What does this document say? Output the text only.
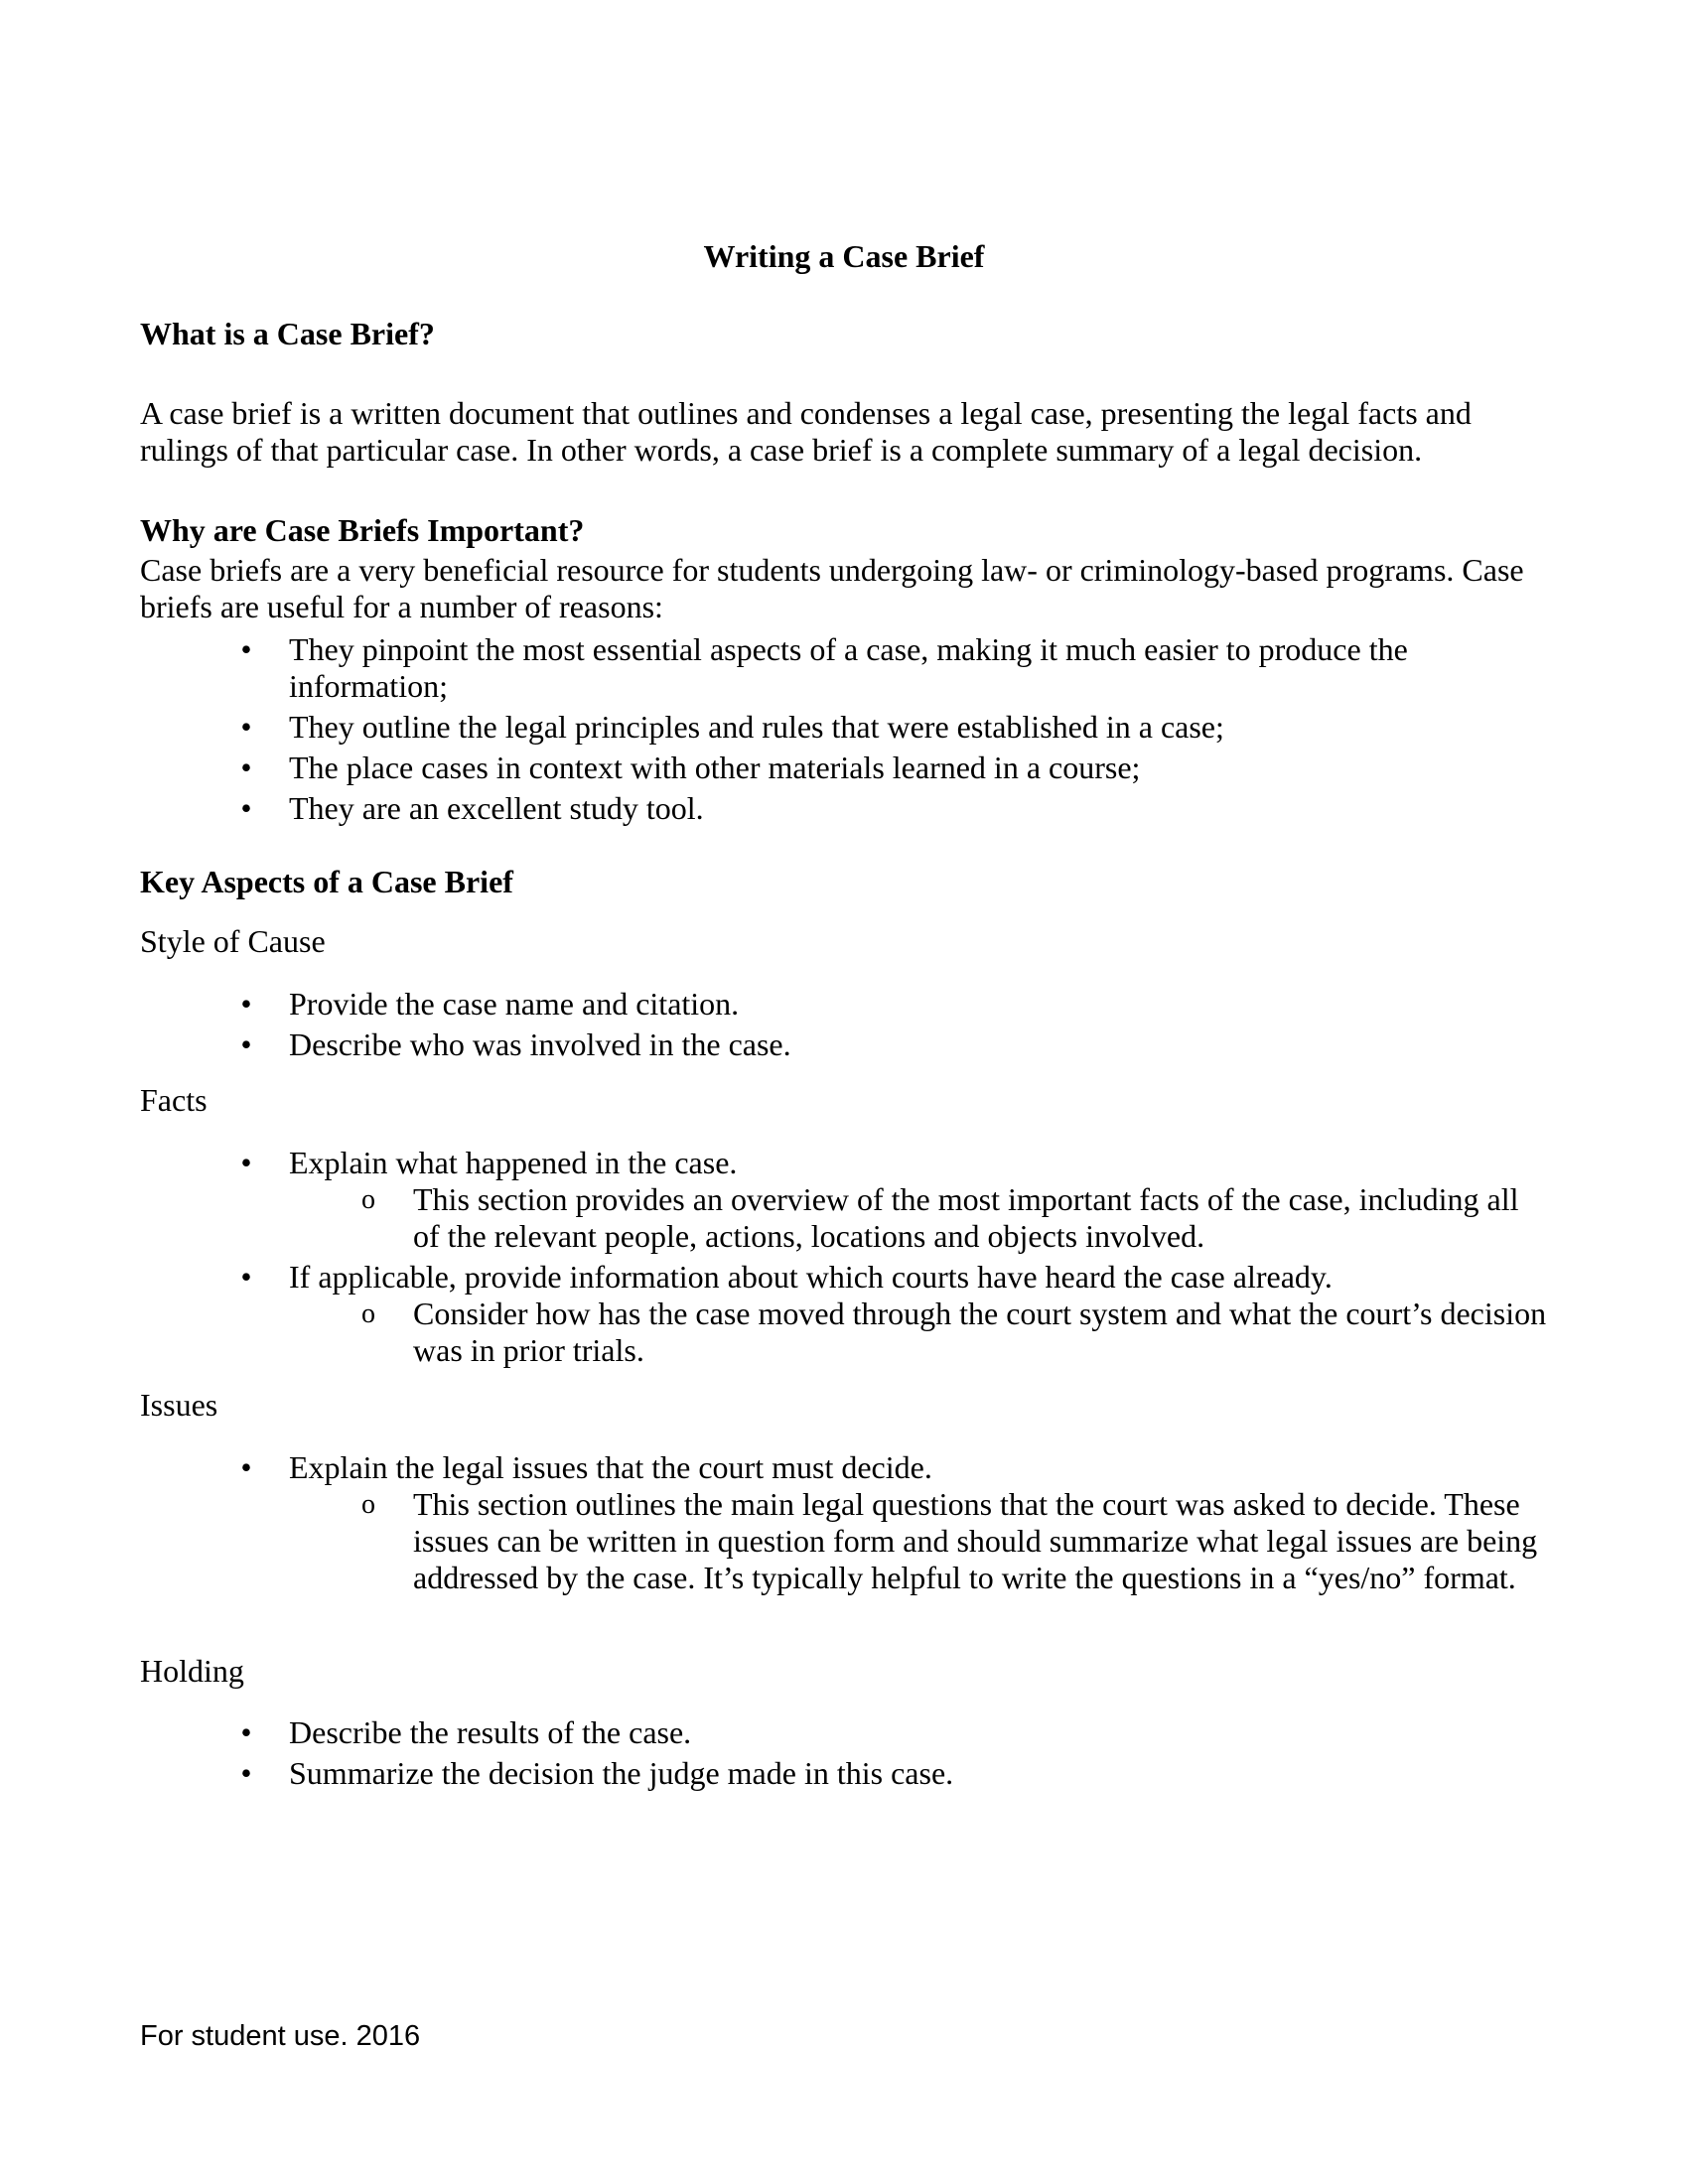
Writing a Case Brief
What is a Case Brief?

A case brief is a written document that outlines and condenses a legal case, presenting the legal facts and rulings of that particular case. In other words, a case brief is a complete summary of a legal decision.

Why are Case Briefs Important?

Case briefs are a very beneficial resource for students undergoing law- or criminology-based programs. Case briefs are useful for a number of reasons:

• They pinpoint the most essential aspects of a case, making it much easier to produce the information;
• They outline the legal principles and rules that were established in a case;
• The place cases in context with other materials learned in a course;
• They are an excellent study tool.
Key Aspects of a Case Brief

Style of Cause

• Provide the case name and citation.
• Describe who was involved in the case.

Facts

• Explain what happened in the case.
o This section provides an overview of the most important facts of the case, including all of the relevant people, actions, locations and objects involved.
• If applicable, provide information about which courts have heard the case already.
o Consider how has the case moved through the court system and what the court’s decision was in prior trials.

Issues

• Explain the legal issues that the court must decide.
o This section outlines the main legal questions that the court was asked to decide. These issues can be written in question form and should summarize what legal issues are being addressed by the case. It’s typically helpful to write the questions in a “yes/no” format.

Holding

• Describe the results of the case.
• Summarize the decision the judge made in this case.

For student use. 2016
